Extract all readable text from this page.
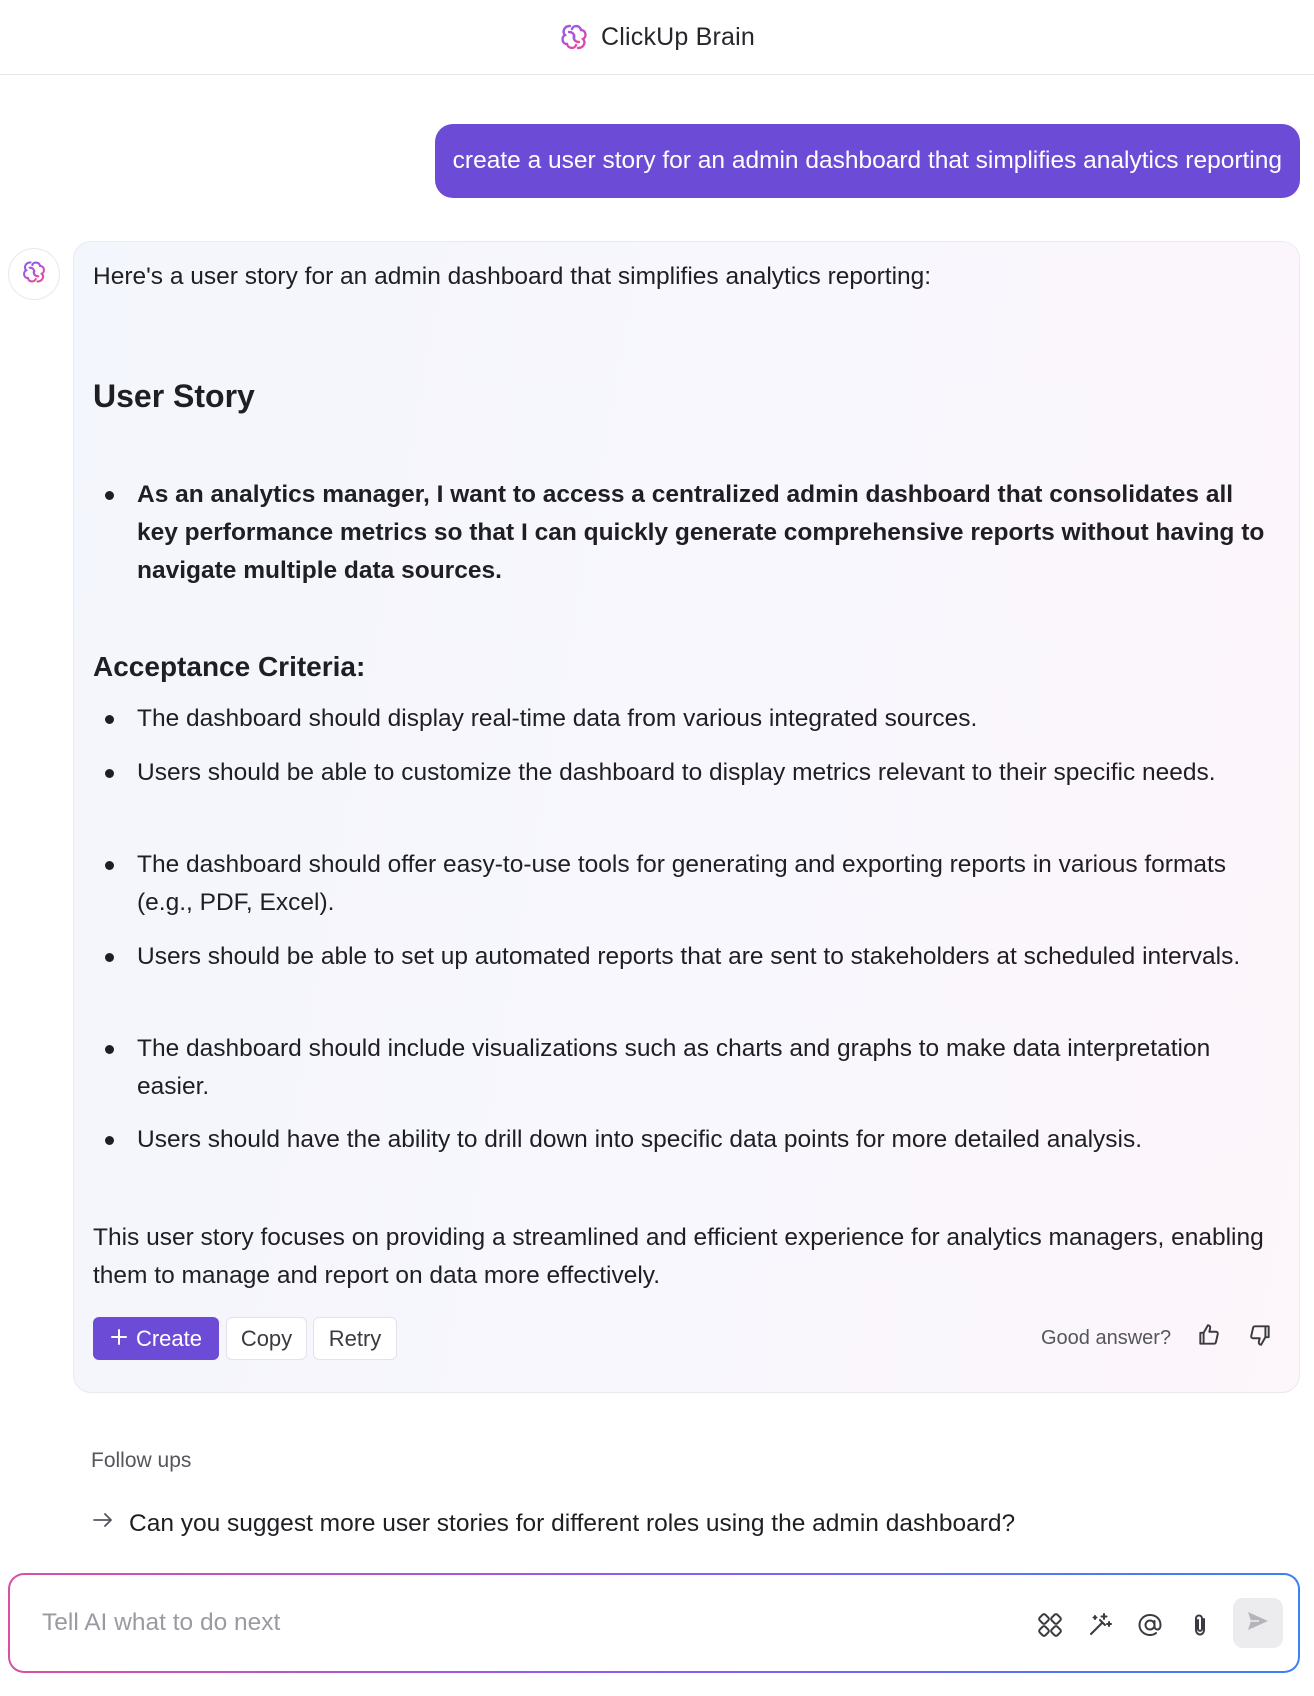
ClickUp Brain
create a user story for an admin dashboard that simplifies analytics reporting
Here's a user story for an admin dashboard that simplifies analytics reporting:
User Story
As an analytics manager, I want to access a centralized admin dashboard that consolidates all key performance metrics so that I can quickly generate comprehensive reports without having to navigate multiple data sources.
Acceptance Criteria:
The dashboard should display real-time data from various integrated sources.
Users should be able to customize the dashboard to display metrics relevant to their specific needs.
The dashboard should offer easy-to-use tools for generating and exporting reports in various formats (e.g., PDF, Excel).
Users should be able to set up automated reports that are sent to stakeholders at scheduled intervals.
The dashboard should include visualizations such as charts and graphs to make data interpretation easier.
Users should have the ability to drill down into specific data points for more detailed analysis.
This user story focuses on providing a streamlined and efficient experience for analytics managers, enabling them to manage and report on data more effectively.
Create	Copy	Retry	Good answer?
Follow ups
Can you suggest more user stories for different roles using the admin dashboard?
Tell AI what to do next
